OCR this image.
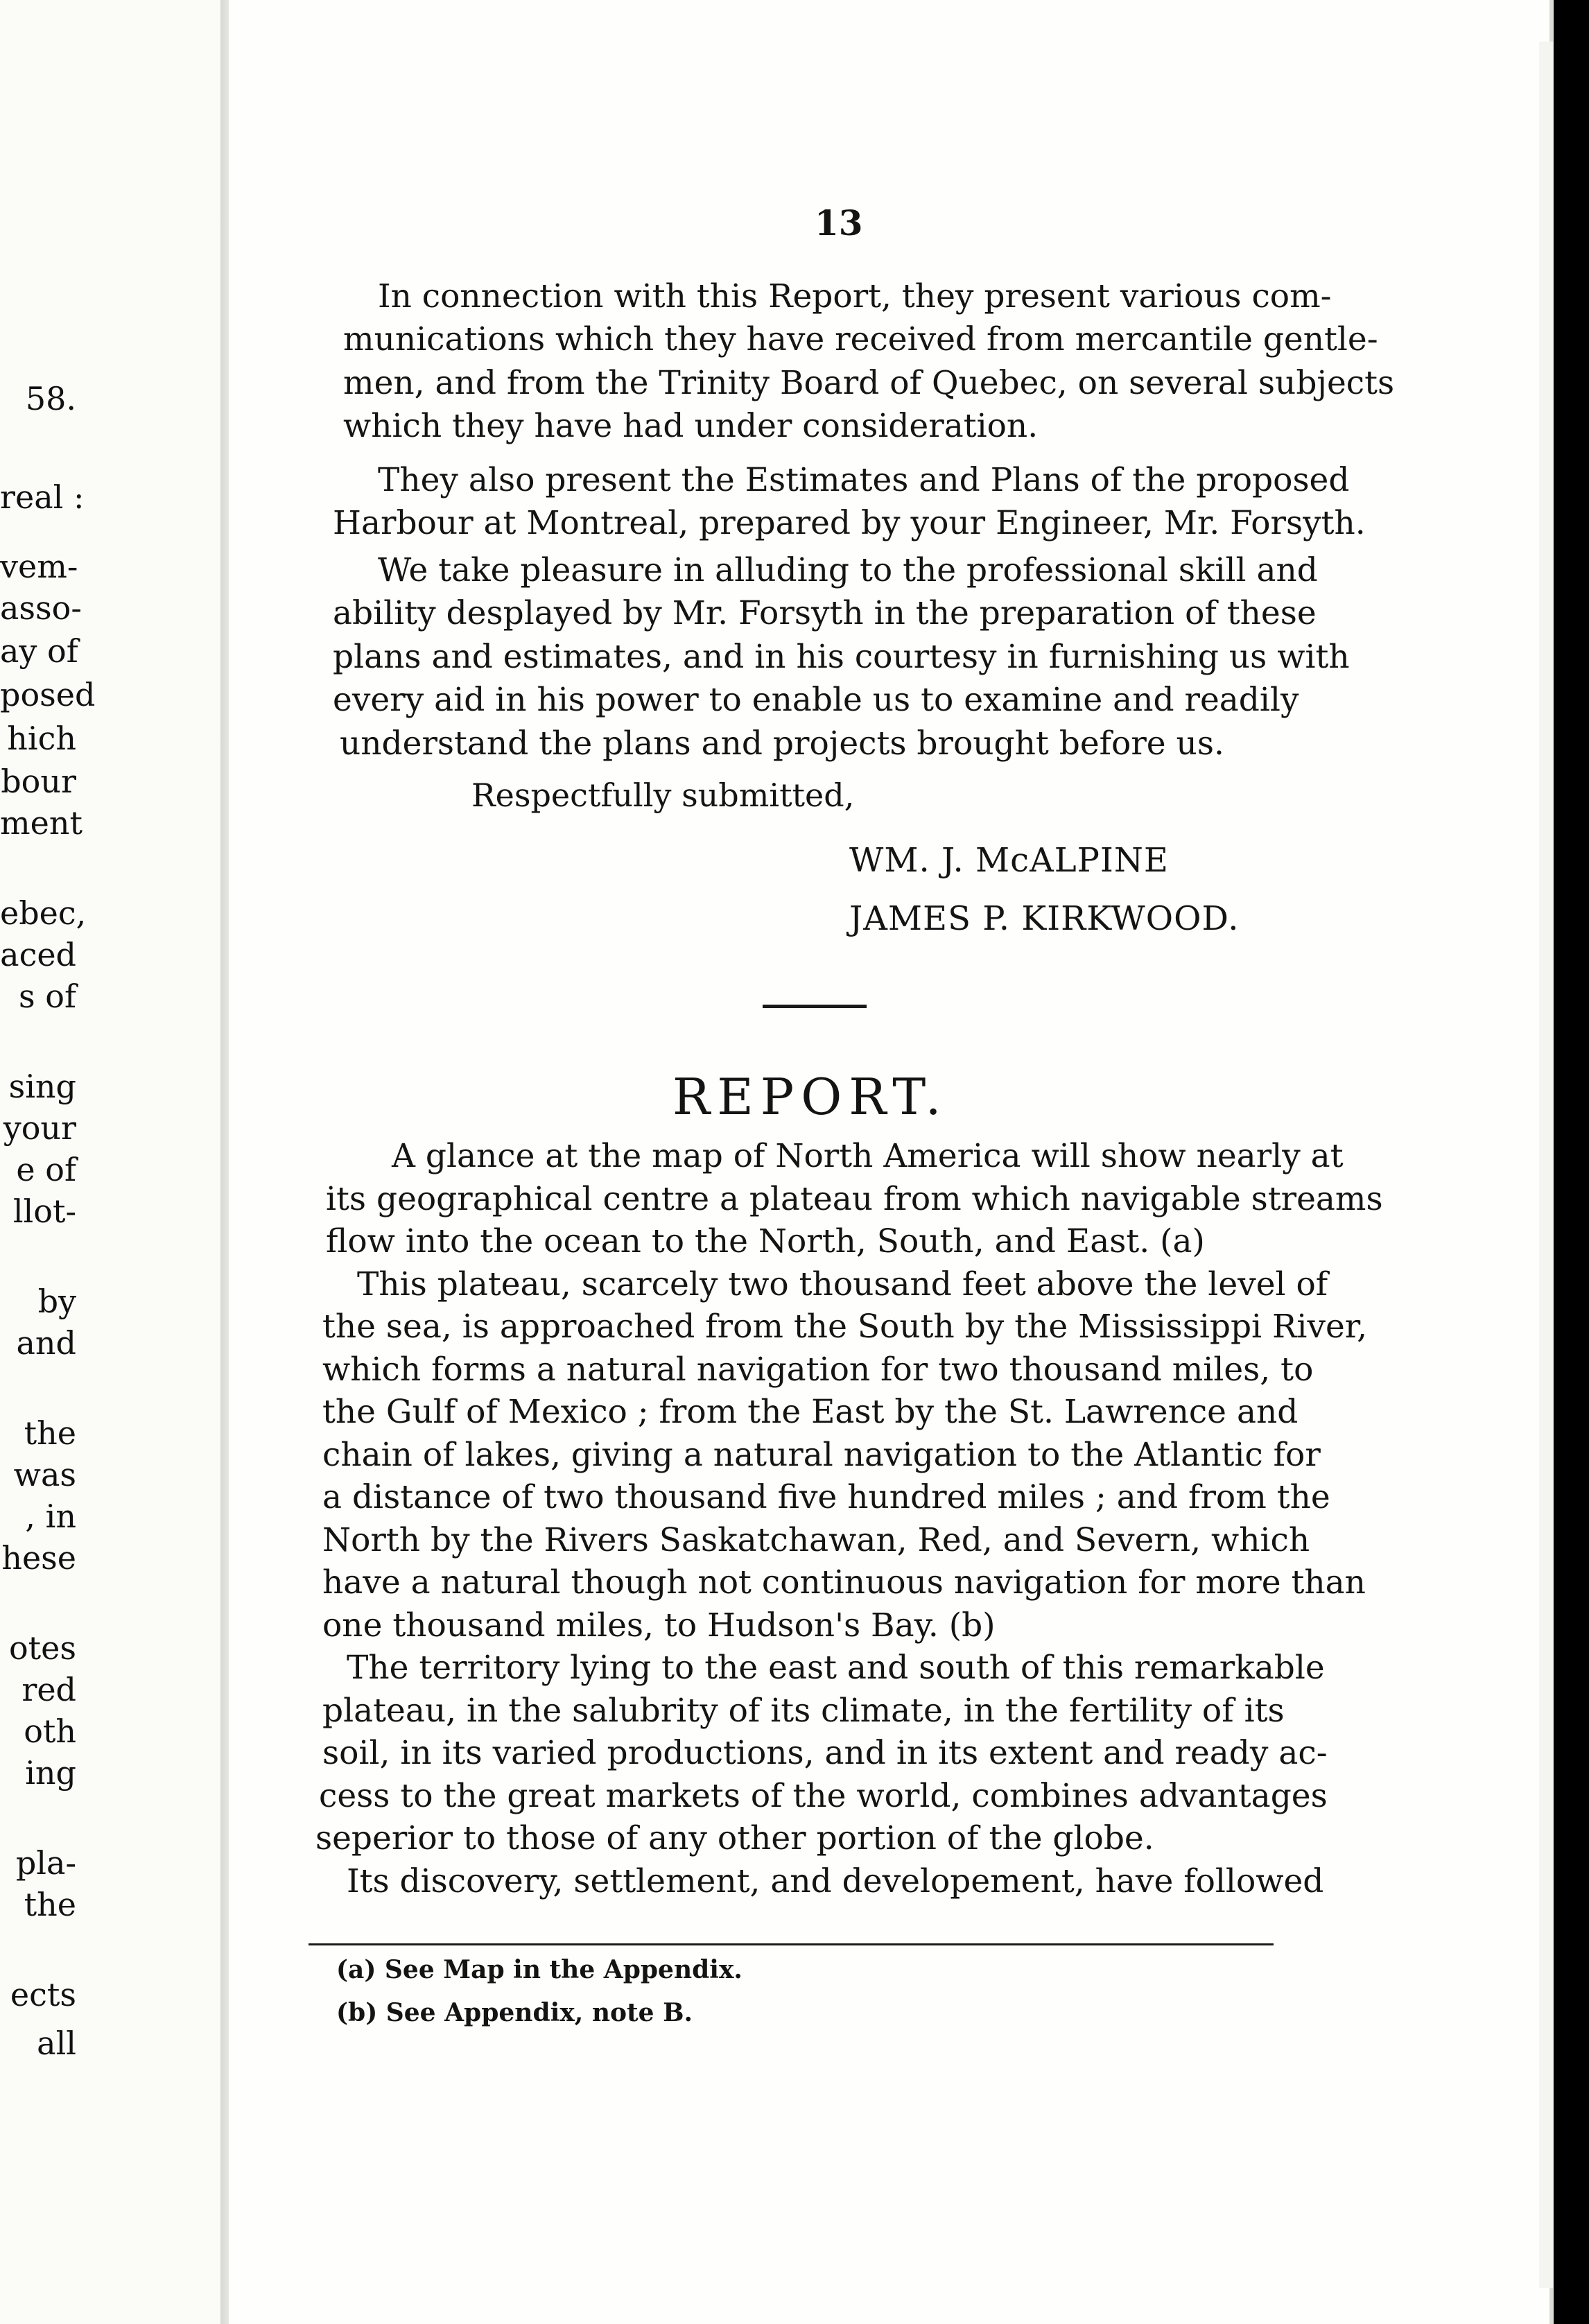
58.
real :
vem-
asso-
ay of
posed
hich
bour
ment
ebec,
aced
s of
sing
your
e of
llot-
by
and
the
was
, in
hese
otes
red
oth
ing
pla-
the
ects
all
13
In connection with this Report, they present various com-
munications which they have received from mercantile gentle-
men, and from the Trinity Board of Quebec, on several subjects
which they have had under consideration.
They also present the Estimates and Plans of the proposed
Harbour at Montreal, prepared by your Engineer, Mr. Forsyth.
We take pleasure in alluding to the professional skill and
ability desplayed by Mr. Forsyth in the preparation of these
plans and estimates, and in his courtesy in furnishing us with
every aid in his power to enable us to examine and readily
understand the plans and projects brought before us.
Respectfully submitted,
WM. J. McALPINE
JAMES P. KIRKWOOD.
REPORT.
A glance at the map of North America will show nearly at
its geographical centre a plateau from which navigable streams
flow into the ocean to the North, South, and East. (a)
This plateau, scarcely two thousand feet above the level of
the sea, is approached from the South by the Mississippi River,
which forms a natural navigation for two thousand miles, to
the Gulf of Mexico ; from the East by the St. Lawrence and
chain of lakes, giving a natural navigation to the Atlantic for
a distance of two thousand five hundred miles ; and from the
North by the Rivers Saskatchawan, Red, and Severn, which
have a natural though not continuous navigation for more than
one thousand miles, to Hudson's Bay. (b)
The territory lying to the east and south of this remarkable
plateau, in the salubrity of its climate, in the fertility of its
soil, in its varied productions, and in its extent and ready ac-
cess to the great markets of the world, combines advantages
seperior to those of any other portion of the globe.
Its discovery, settlement, and developement, have followed
(a) See Map in the Appendix.
(b) See Appendix, note B.
